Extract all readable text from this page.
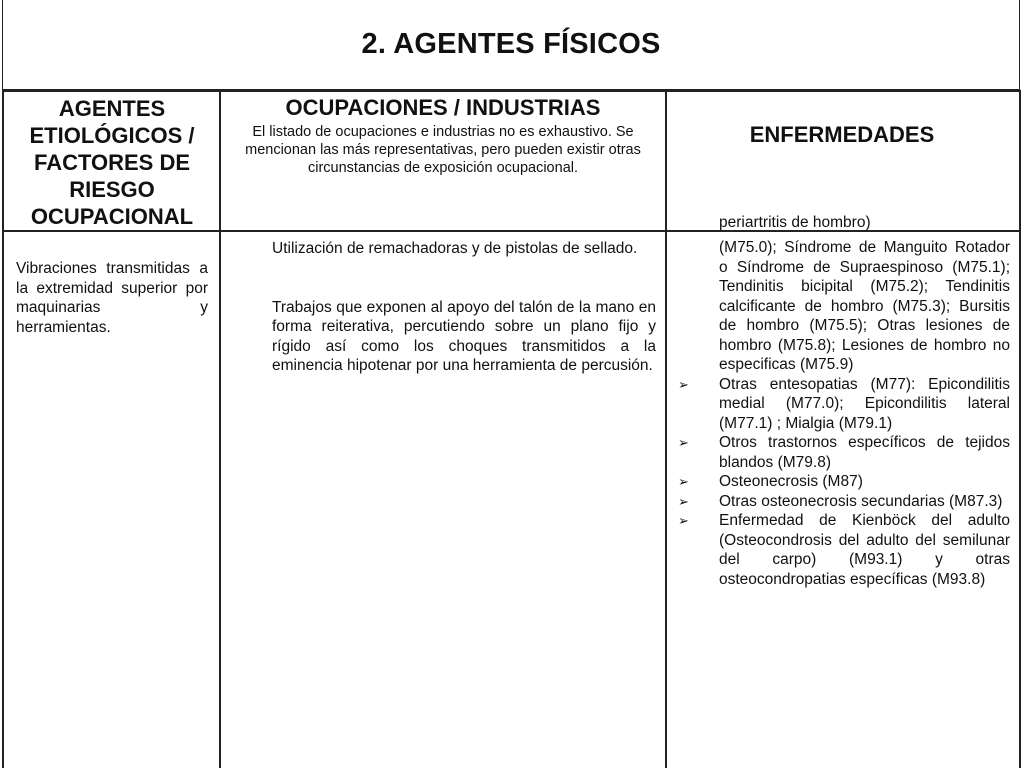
2. AGENTES FÍSICOS
AGENTES ETIOLÓGICOS / FACTORES DE RIESGO OCUPACIONAL
OCUPACIONES / INDUSTRIAS
El listado de ocupaciones e industrias no es exhaustivo. Se mencionan las más representativas, pero pueden existir otras circunstancias de exposición ocupacional.
ENFERMEDADES
Vibraciones transmitidas a la extremidad superior por maquinarias y herramientas.

Utilización de remachadoras y de pistolas de sellado.

Trabajos que exponen al apoyo del talón de la mano en forma reiterativa, percutiendo sobre un plano fijo y rígido así como los choques transmitidos a la eminencia hipotenar por una herramienta de percusión.

periartritis de hombro)
(M75.0); Síndrome de Manguito Rotador o Síndrome de Supraespinoso (M75.1); Tendinitis bicipital (M75.2); Tendinitis calcificante de hombro (M75.3); Bursitis de hombro (M75.5); Otras lesiones de hombro (M75.8); Lesiones de hombro no especificas (M75.9)
➢ Otras entesopatias (M77): Epicondilitis medial (M77.0); Epicondilitis lateral (M77.1) ; Mialgia (M79.1)
➢ Otros trastornos específicos de tejidos blandos (M79.8)
➢ Osteonecrosis (M87)
➢ Otras osteonecrosis secundarias (M87.3)
➢ Enfermedad de Kienböck del adulto (Osteocondrosis del adulto del semilunar del carpo) (M93.1) y otras osteocondropatias específicas (M93.8)
